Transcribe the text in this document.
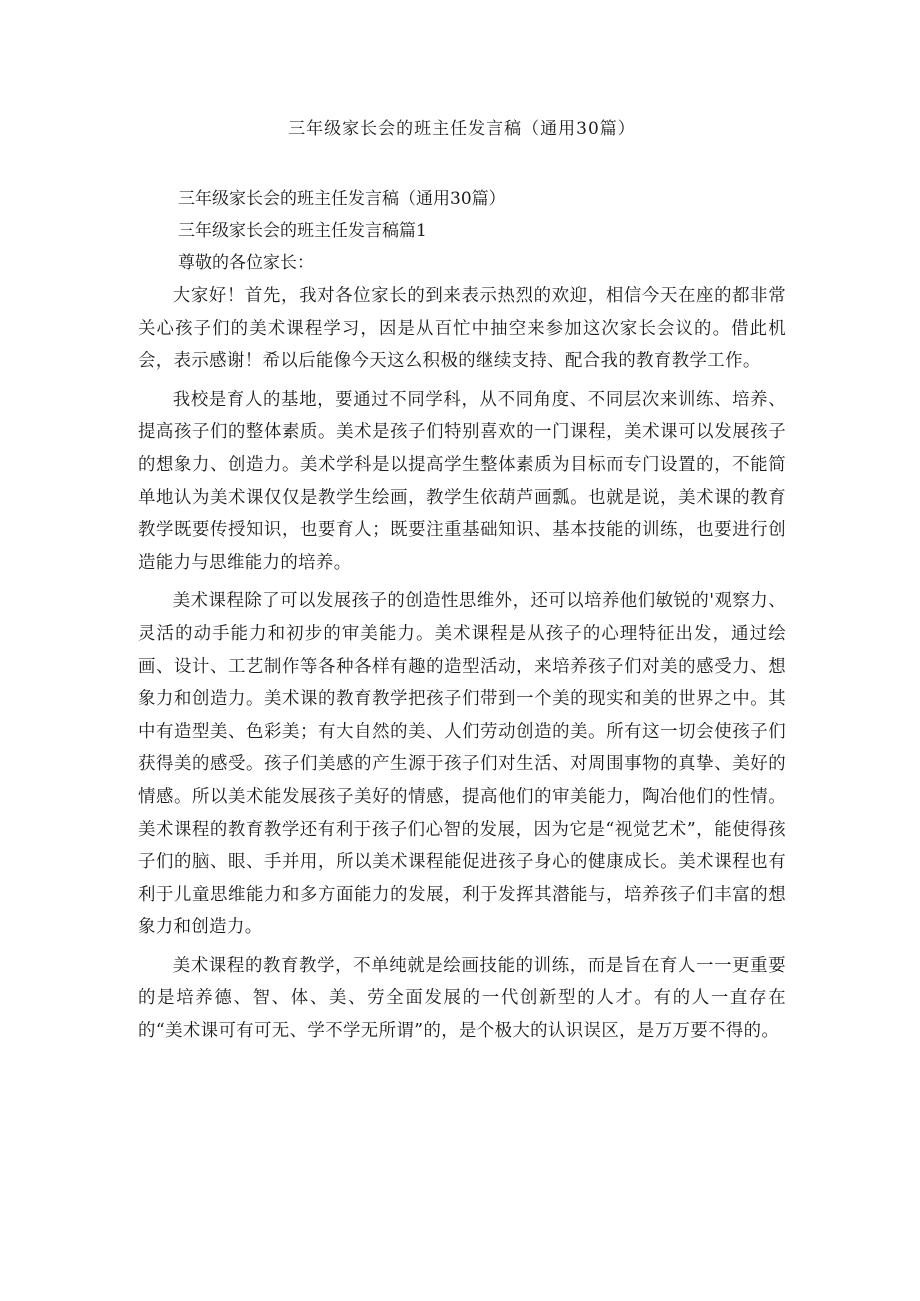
三年级家长会的班主任发言稿（通用30篇）

三年级家长会的班主任发言稿（通用30篇）

三年级家长会的班主任发言稿篇1

尊敬的各位家长：

大家好！首先，我对各位家长的到来表示热烈的欢迎，相信今天在座的都非常关心孩子们的美术课程学习，因是从百忙中抽空来参加这次家长会议的。借此机会，表示感谢！希以后能像今天这么积极的继续支持、配合我的教育教学工作。

我校是育人的基地，要通过不同学科，从不同角度、不同层次来训练、培养、提高孩子们的整体素质。美术是孩子们特别喜欢的一门课程，美术课可以发展孩子的想象力、创造力。美术学科是以提高学生整体素质为目标而专门设置的，不能简单地认为美术课仅仅是教学生绘画，教学生依葫芦画瓢。也就是说，美术课的教育教学既要传授知识，也要育人；既要注重基础知识、基本技能的训练，也要进行创造能力与思维能力的培养。

美术课程除了可以发展孩子的创造性思维外，还可以培养他们敏锐的'观察力、灵活的动手能力和初步的审美能力。美术课程是从孩子的心理特征出发，通过绘画、设计、工艺制作等各种各样有趣的造型活动，来培养孩子们对美的感受力、想象力和创造力。美术课的教育教学把孩子们带到一个美的现实和美的世界之中。其中有造型美、色彩美；有大自然的美、人们劳动创造的美。所有这一切会使孩子们获得美的感受。孩子们美感的产生源于孩子们对生活、对周围事物的真挚、美好的情感。所以美术能发展孩子美好的情感，提高他们的审美能力，陶冶他们的性情。美术课程的教育教学还有利于孩子们心智的发展，因为它是“视觉艺术”，能使得孩子们的脑、眼、手并用，所以美术课程能促进孩子身心的健康成长。美术课程也有利于儿童思维能力和多方面能力的发展，利于发挥其潜能与，培养孩子们丰富的想象力和创造力。

美术课程的教育教学，不单纯就是绘画技能的训练，而是旨在育人一一更重要的是培养德、智、体、美、劳全面发展的一代创新型的人才。有的人一直存在的“美术课可有可无、学不学无所谓”的，是个极大的认识误区，是万万要不得的。
